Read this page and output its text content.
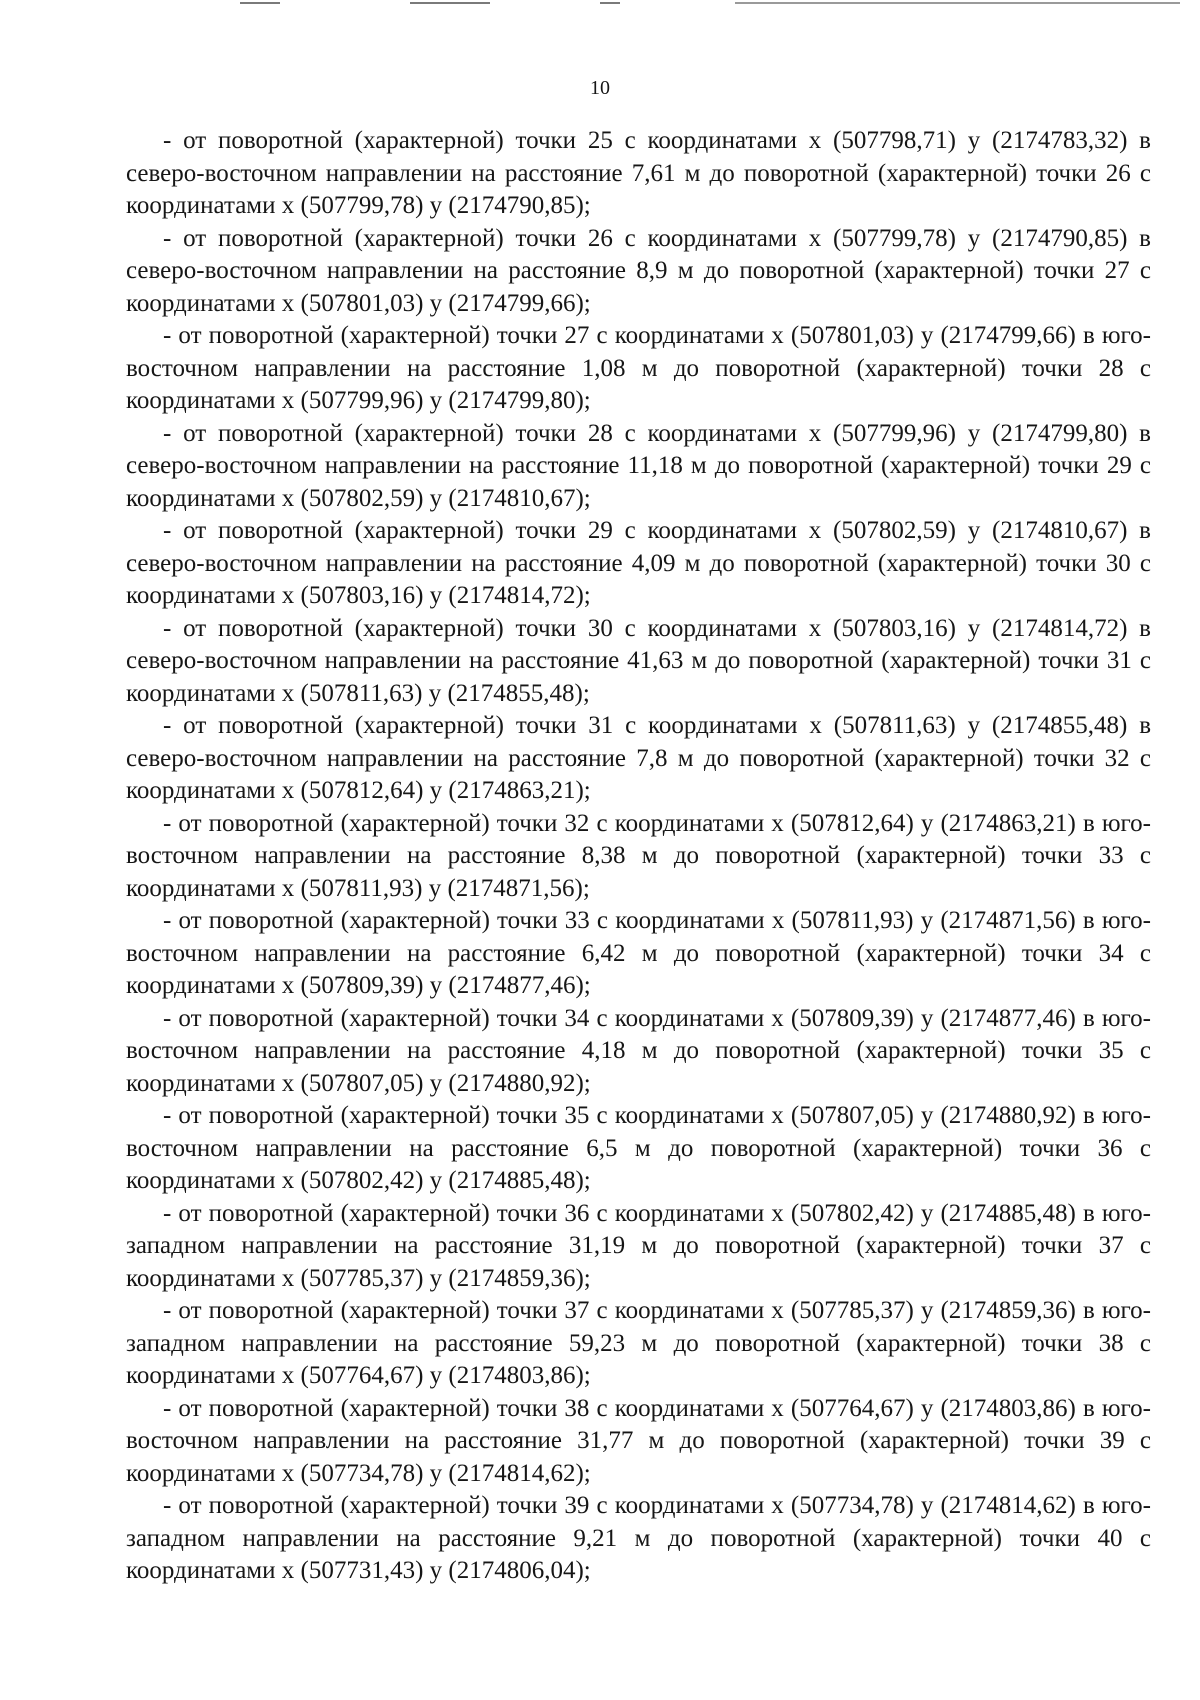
10

- от поворотной (характерной) точки 25 с координатами х (507798,71) у (2174783,32) в северо-восточном направлении на расстояние 7,61 м до поворотной (характерной) точки 26 с координатами х (507799,78) у (2174790,85);

- от поворотной (характерной) точки 26 с координатами х (507799,78) у (2174790,85) в северо-восточном направлении на расстояние 8,9 м до поворотной (характерной) точки 27 с координатами х (507801,03) у (2174799,66);

- от поворотной (характерной) точки 27 с координатами х (507801,03) у (2174799,66) в юго-восточном направлении на расстояние 1,08 м до поворотной (характерной) точки 28 с координатами х (507799,96) у (2174799,80);

- от поворотной (характерной) точки 28 с координатами х (507799,96) у (2174799,80) в северо-восточном направлении на расстояние 11,18 м до поворотной (характерной) точки 29 с координатами х (507802,59) у (2174810,67);

- от поворотной (характерной) точки 29 с координатами х (507802,59) у (2174810,67) в северо-восточном направлении на расстояние 4,09 м до поворотной (характерной) точки 30 с координатами х (507803,16) у (2174814,72);

- от поворотной (характерной) точки 30 с координатами х (507803,16) у (2174814,72) в северо-восточном направлении на расстояние 41,63 м до поворотной (характерной) точки 31 с координатами х (507811,63) у (2174855,48);

- от поворотной (характерной) точки 31 с координатами х (507811,63) у (2174855,48) в северо-восточном направлении на расстояние 7,8 м до поворотной (характерной) точки 32 с координатами х (507812,64) у (2174863,21);

- от поворотной (характерной) точки 32 с координатами х (507812,64) у (2174863,21) в юго-восточном направлении на расстояние 8,38 м до поворотной (характерной) точки 33 с координатами х (507811,93) у (2174871,56);

- от поворотной (характерной) точки 33 с координатами х (507811,93) у (2174871,56) в юго-восточном направлении на расстояние 6,42 м до поворотной (характерной) точки 34 с координатами х (507809,39) у (2174877,46);

- от поворотной (характерной) точки 34 с координатами х (507809,39) у (2174877,46) в юго-восточном направлении на расстояние 4,18 м до поворотной (характерной) точки 35 с координатами х (507807,05) у (2174880,92);

- от поворотной (характерной) точки 35 с координатами х (507807,05) у (2174880,92) в юго-восточном направлении на расстояние 6,5 м до поворотной (характерной) точки 36 с координатами х (507802,42) у (2174885,48);

- от поворотной (характерной) точки 36 с координатами х (507802,42) у (2174885,48) в юго-западном направлении на расстояние 31,19 м до поворотной (характерной) точки 37 с координатами х (507785,37) у (2174859,36);

- от поворотной (характерной) точки 37 с координатами х (507785,37) у (2174859,36) в юго-западном направлении на расстояние 59,23 м до поворотной (характерной) точки 38 с координатами х (507764,67) у (2174803,86);

- от поворотной (характерной) точки 38 с координатами х (507764,67) у (2174803,86) в юго-восточном направлении на расстояние 31,77 м до поворотной (характерной) точки 39 с координатами х (507734,78) у (2174814,62);

- от поворотной (характерной) точки 39 с координатами х (507734,78) у (2174814,62) в юго-западном направлении на расстояние 9,21 м до поворотной (характерной) точки 40 с координатами х (507731,43) у (2174806,04);
